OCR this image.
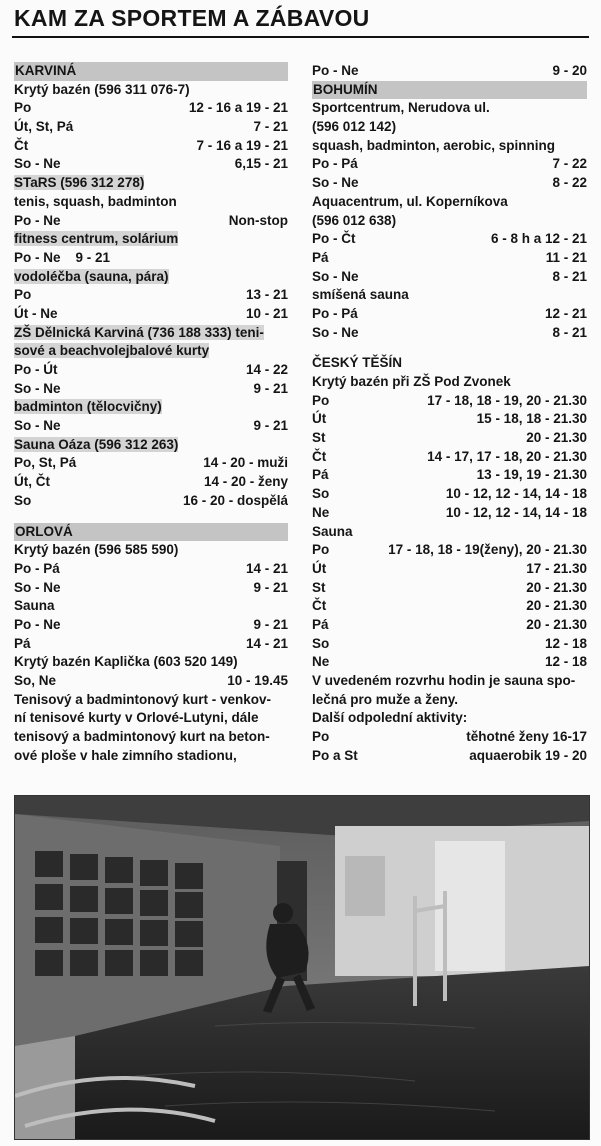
KAM ZA SPORTEM A ZÁBAVOU
KARVINÁ
Krytý bazén (596 311 076-7)
Po	12 - 16 a 19 - 21
Út, St, Pá	7 - 21
Čt	7 - 16 a 19 - 21
So - Ne	6,15 - 21
STaRS (596 312 278)
tenis, squash, badminton
Po - Ne	Non-stop
fitness centrum, solárium
Po - Ne    9 - 21
vodoléčba (sauna, pára)
Po	13 - 21
Út - Ne	10 - 21
ZŠ Dělnická Karviná (736 188 333) teni-
sové a beachvolejbalové kurty
Po - Út	14 - 22
So - Ne	9 - 21
badminton (tělocvičny)
So - Ne	9 - 21
Sauna Oáza (596 312 263)
Po, St, Pá	14 - 20 - muži
Út, Čt	14 - 20 - ženy
So	16 - 20 - dospělá
ORLOVÁ
Krytý bazén (596 585 590)
Po - Pá	14 - 21
So - Ne	9 - 21
Sauna
Po - Ne	9 - 21
Pá	14 - 21
Krytý bazén Kaplička (603 520 149)
So, Ne	10 - 19.45
Tenisový a badmintonový kurt - venkov-
ní tenisové kurty v Orlové-Lutyni, dále
tenisový a badmintonový kurt na beton-
ové ploše v hale zimního stadionu,
Po - Ne	9 - 20
BOHUMÍN
Sportcentrum, Nerudova ul.
(596 012 142)
squash, badminton, aerobic, spinning
Po - Pá	7 - 22
So - Ne	8 - 22
Aquacentrum, ul. Koperníkova
(596 012 638)
Po - Čt	6 - 8 h a 12 - 21
Pá	11 - 21
So - Ne	8 - 21
smíšená sauna
Po - Pá	12 - 21
So - Ne	8 - 21
ČESKÝ TĚŠÍN
Krytý bazén při ZŠ Pod Zvonek
Po	17 - 18, 18 - 19, 20 - 21.30
Út	15 - 18, 18 - 21.30
St	20 - 21.30
Čt	14 - 17, 17 - 18, 20 - 21.30
Pá	13 - 19, 19 - 21.30
So	10 - 12, 12 - 14, 14 - 18
Ne	10 - 12, 12 - 14, 14 - 18
Sauna
Po	17 - 18, 18 - 19(ženy), 20 - 21.30
Út	17 - 21.30
St	20 - 21.30
Čt	20 - 21.30
Pá	20 - 21.30
So	12 - 18
Ne	12 - 18
V uvedeném rozvrhu hodin je sauna spo-
lečná pro muže a ženy.
Další odpolední aktivity:
Po	těhotné ženy 16-17
Po a St	aquaerobik 19 - 20
